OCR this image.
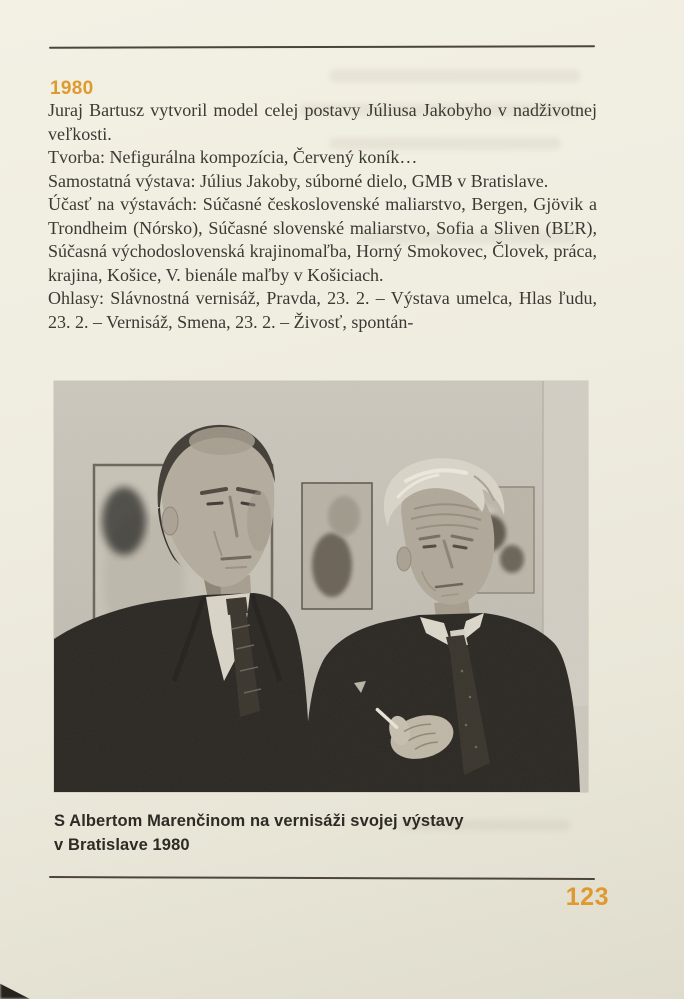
1980

Juraj Bartusz vytvoril model celej postavy Júliusa Jakobyho v nadživotnej veľkosti.

Tvorba: Nefigurálna kompozícia, Červený koník…

Samostatná výstava: Július Jakoby, súborné dielo, GMB v Bratislave.

Účasť na výstavách: Súčasné československé maliarstvo, Bergen, Gjövik a Trondheim (Nórsko), Súčasné slovenské maliarstvo, Sofia a Sliven (BĽR), Súčasná východoslovenská krajinomaľba, Horný Smokovec, Človek, práca, krajina, Košice, V. bienále maľby v Košiciach.

Ohlasy: Slávnostná vernisáž, Pravda, 23. 2. – Výstava umelca, Hlas ľudu, 23. 2. – Vernisáž, Smena, 23. 2. – Živosť, spontán-

S Albertom Marenčinom na vernisáži svojej výstavy
v Bratislave 1980
123
